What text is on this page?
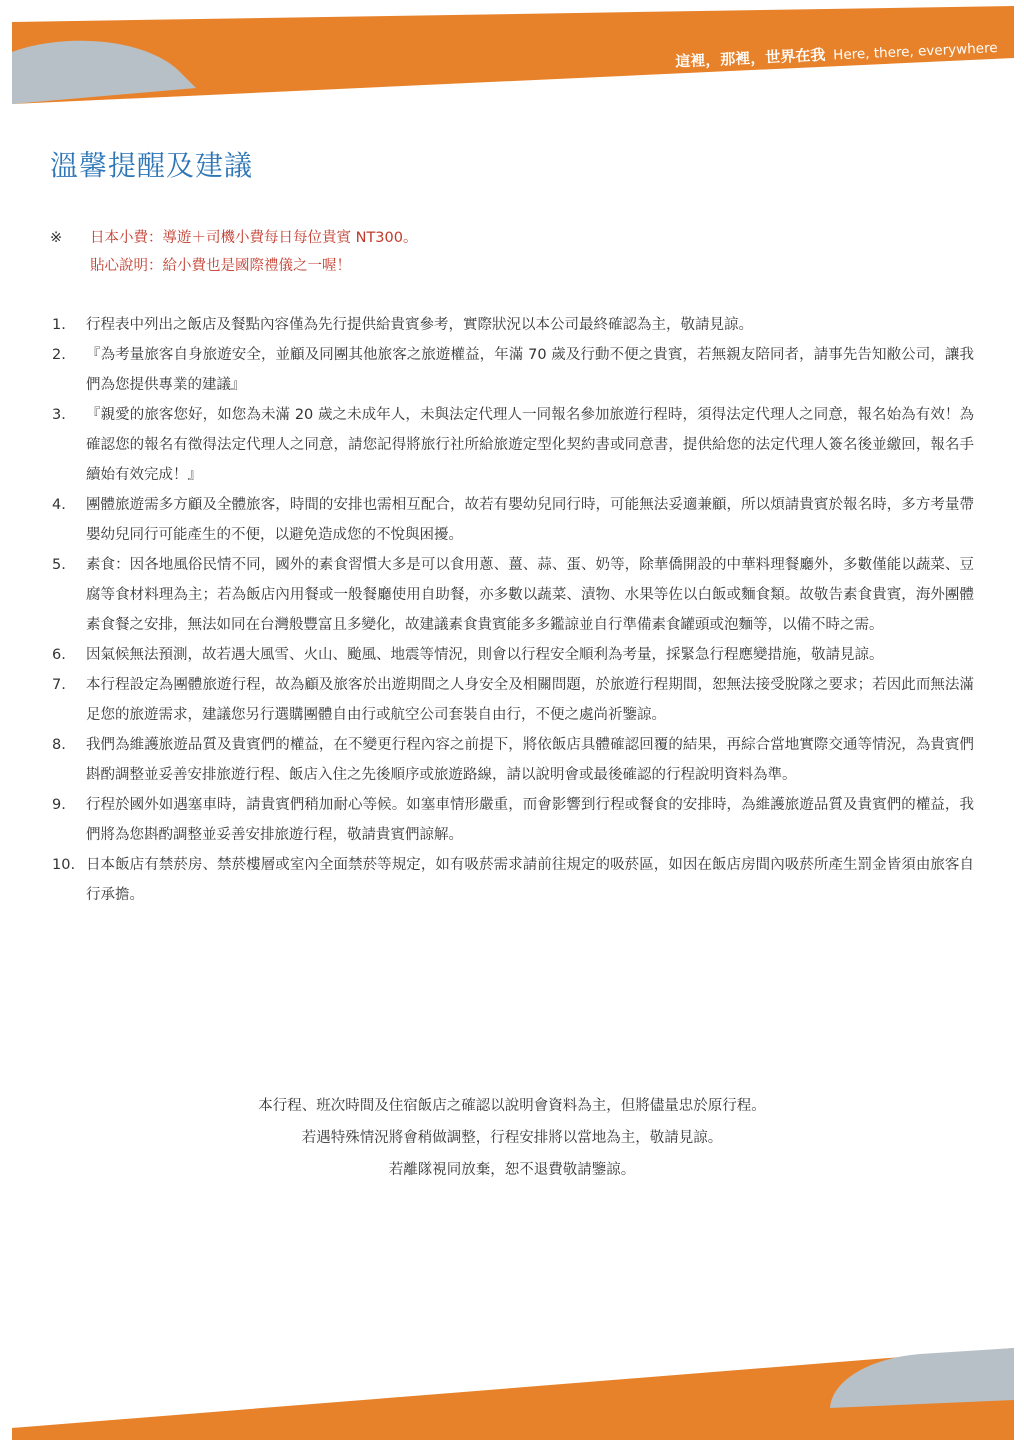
這裡，那裡，世界在我 Here, there, everywhere
溫馨提醒及建議
※	日本小費：導遊＋司機小費每日每位貴賓 NT300。
貼心說明：給小費也是國際禮儀之一喔！
1.	行程表中列出之飯店及餐點內容僅為先行提供給貴賓參考，實際狀況以本公司最終確認為主，敬請見諒。
2.	『為考量旅客自身旅遊安全，並顧及同團其他旅客之旅遊權益，年滿 70 歲及行動不便之貴賓，若無親友陪同者，請事先告知敝公司，讓我們為您提供專業的建議』
3.	『親愛的旅客您好，如您為未滿 20 歲之未成年人，未與法定代理人一同報名參加旅遊行程時，須得法定代理人之同意，報名始為有效！為確認您的報名有徵得法定代理人之同意，請您記得將旅行社所給旅遊定型化契約書或同意書，提供給您的法定代理人簽名後並繳回，報名手續始有效完成！』
4.	團體旅遊需多方顧及全體旅客，時間的安排也需相互配合，故若有嬰幼兒同行時，可能無法妥適兼顧，所以煩請貴賓於報名時，多方考量帶嬰幼兒同行可能產生的不便，以避免造成您的不悅與困擾。
5.	素食：因各地風俗民情不同，國外的素食習慣大多是可以食用蔥、薑、蒜、蛋、奶等，除華僑開設的中華料理餐廳外，多數僅能以蔬菜、豆腐等食材料理為主；若為飯店內用餐或一般餐廳使用自助餐，亦多數以蔬菜、漬物、水果等佐以白飯或麵食類。故敬告素食貴賓，海外團體素食餐之安排，無法如同在台灣般豐富且多變化，故建議素食貴賓能多多鑑諒並自行準備素食罐頭或泡麵等，以備不時之需。
6.	因氣候無法預測，故若遇大風雪、火山、颱風、地震等情況，則會以行程安全順利為考量，採緊急行程應變措施，敬請見諒。
7.	本行程設定為團體旅遊行程，故為顧及旅客於出遊期間之人身安全及相關問題，於旅遊行程期間，恕無法接受脫隊之要求；若因此而無法滿足您的旅遊需求，建議您另行選購團體自由行或航空公司套裝自由行，不便之處尚祈鑒諒。
8.	我們為維護旅遊品質及貴賓們的權益，在不變更行程內容之前提下，將依飯店具體確認回覆的結果，再綜合當地實際交通等情況，為貴賓們斟酌調整並妥善安排旅遊行程、飯店入住之先後順序或旅遊路線，請以說明會或最後確認的行程說明資料為準。
9.	行程於國外如遇塞車時，請貴賓們稍加耐心等候。如塞車情形嚴重，而會影響到行程或餐食的安排時，為維護旅遊品質及貴賓們的權益，我們將為您斟酌調整並妥善安排旅遊行程，敬請貴賓們諒解。
10. 日本飯店有禁菸房、禁菸樓層或室內全面禁菸等規定，如有吸菸需求請前往規定的吸菸區，如因在飯店房間內吸菸所產生罰金皆須由旅客自行承擔。
本行程、班次時間及住宿飯店之確認以說明會資料為主，但將儘量忠於原行程。
若遇特殊情況將會稍做調整，行程安排將以當地為主，敬請見諒。
若離隊視同放棄，恕不退費敬請鑒諒。
這裡，那裡，世界在我 Here, there, everywhere
